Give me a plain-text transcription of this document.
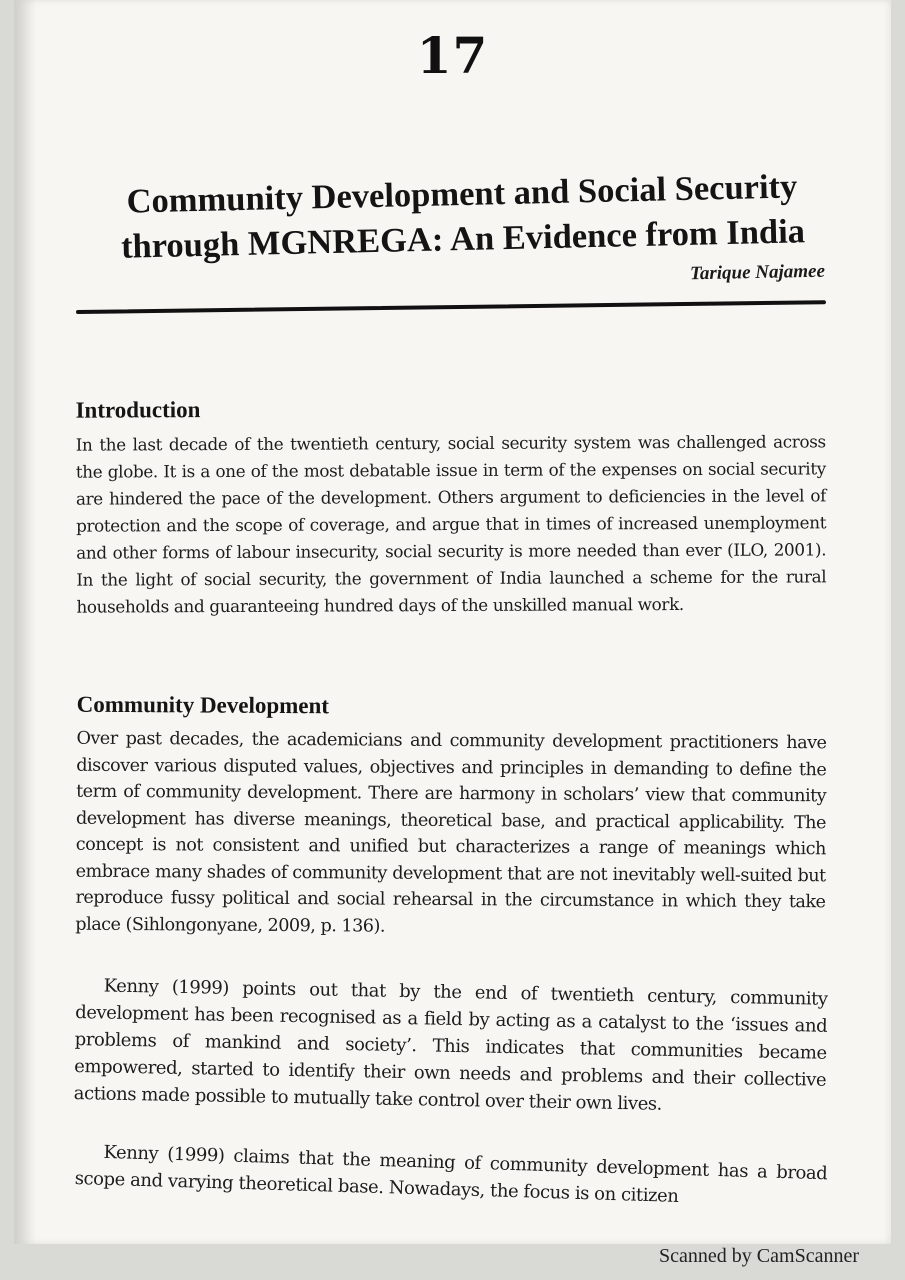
17
Community Development and Social Security
through MGNREGA: An Evidence from India
Tarique Najamee
Introduction

In the last decade of the twentieth century, social security system was challenged across the globe. It is a one of the most debatable issue in term of the expenses on social security are hindered the pace of the development. Others argument to deficiencies in the level of protection and the scope of coverage, and argue that in times of increased unemployment and other forms of labour insecurity, social security is more needed than ever (ILO, 2001). In the light of social security, the government of India launched a scheme for the rural households and guaranteeing hundred days of the unskilled manual work.

Community Development

Over past decades, the academicians and community development practitioners have discover various disputed values, objectives and principles in demanding to define the term of community development. There are harmony in scholars’ view that community development has diverse meanings, theoretical base, and practical applicability. The concept is not consistent and unified but characterizes a range of meanings which embrace many shades of community development that are not inevitably well-suited but reproduce fussy political and social rehearsal in the circumstance in which they take place (Sihlongonyane, 2009, p. 136).

Kenny (1999) points out that by the end of twentieth century, community development has been recognised as a field by acting as a catalyst to the ‘issues and problems of mankind and society’. This indicates that communities became empowered, started to identify their own needs and problems and their collective actions made possible to mutually take control over their own lives.

Kenny (1999) claims that the meaning of community development has a broad scope and varying theoretical base. Nowadays, the focus is on citizen

Scanned by CamScanner
